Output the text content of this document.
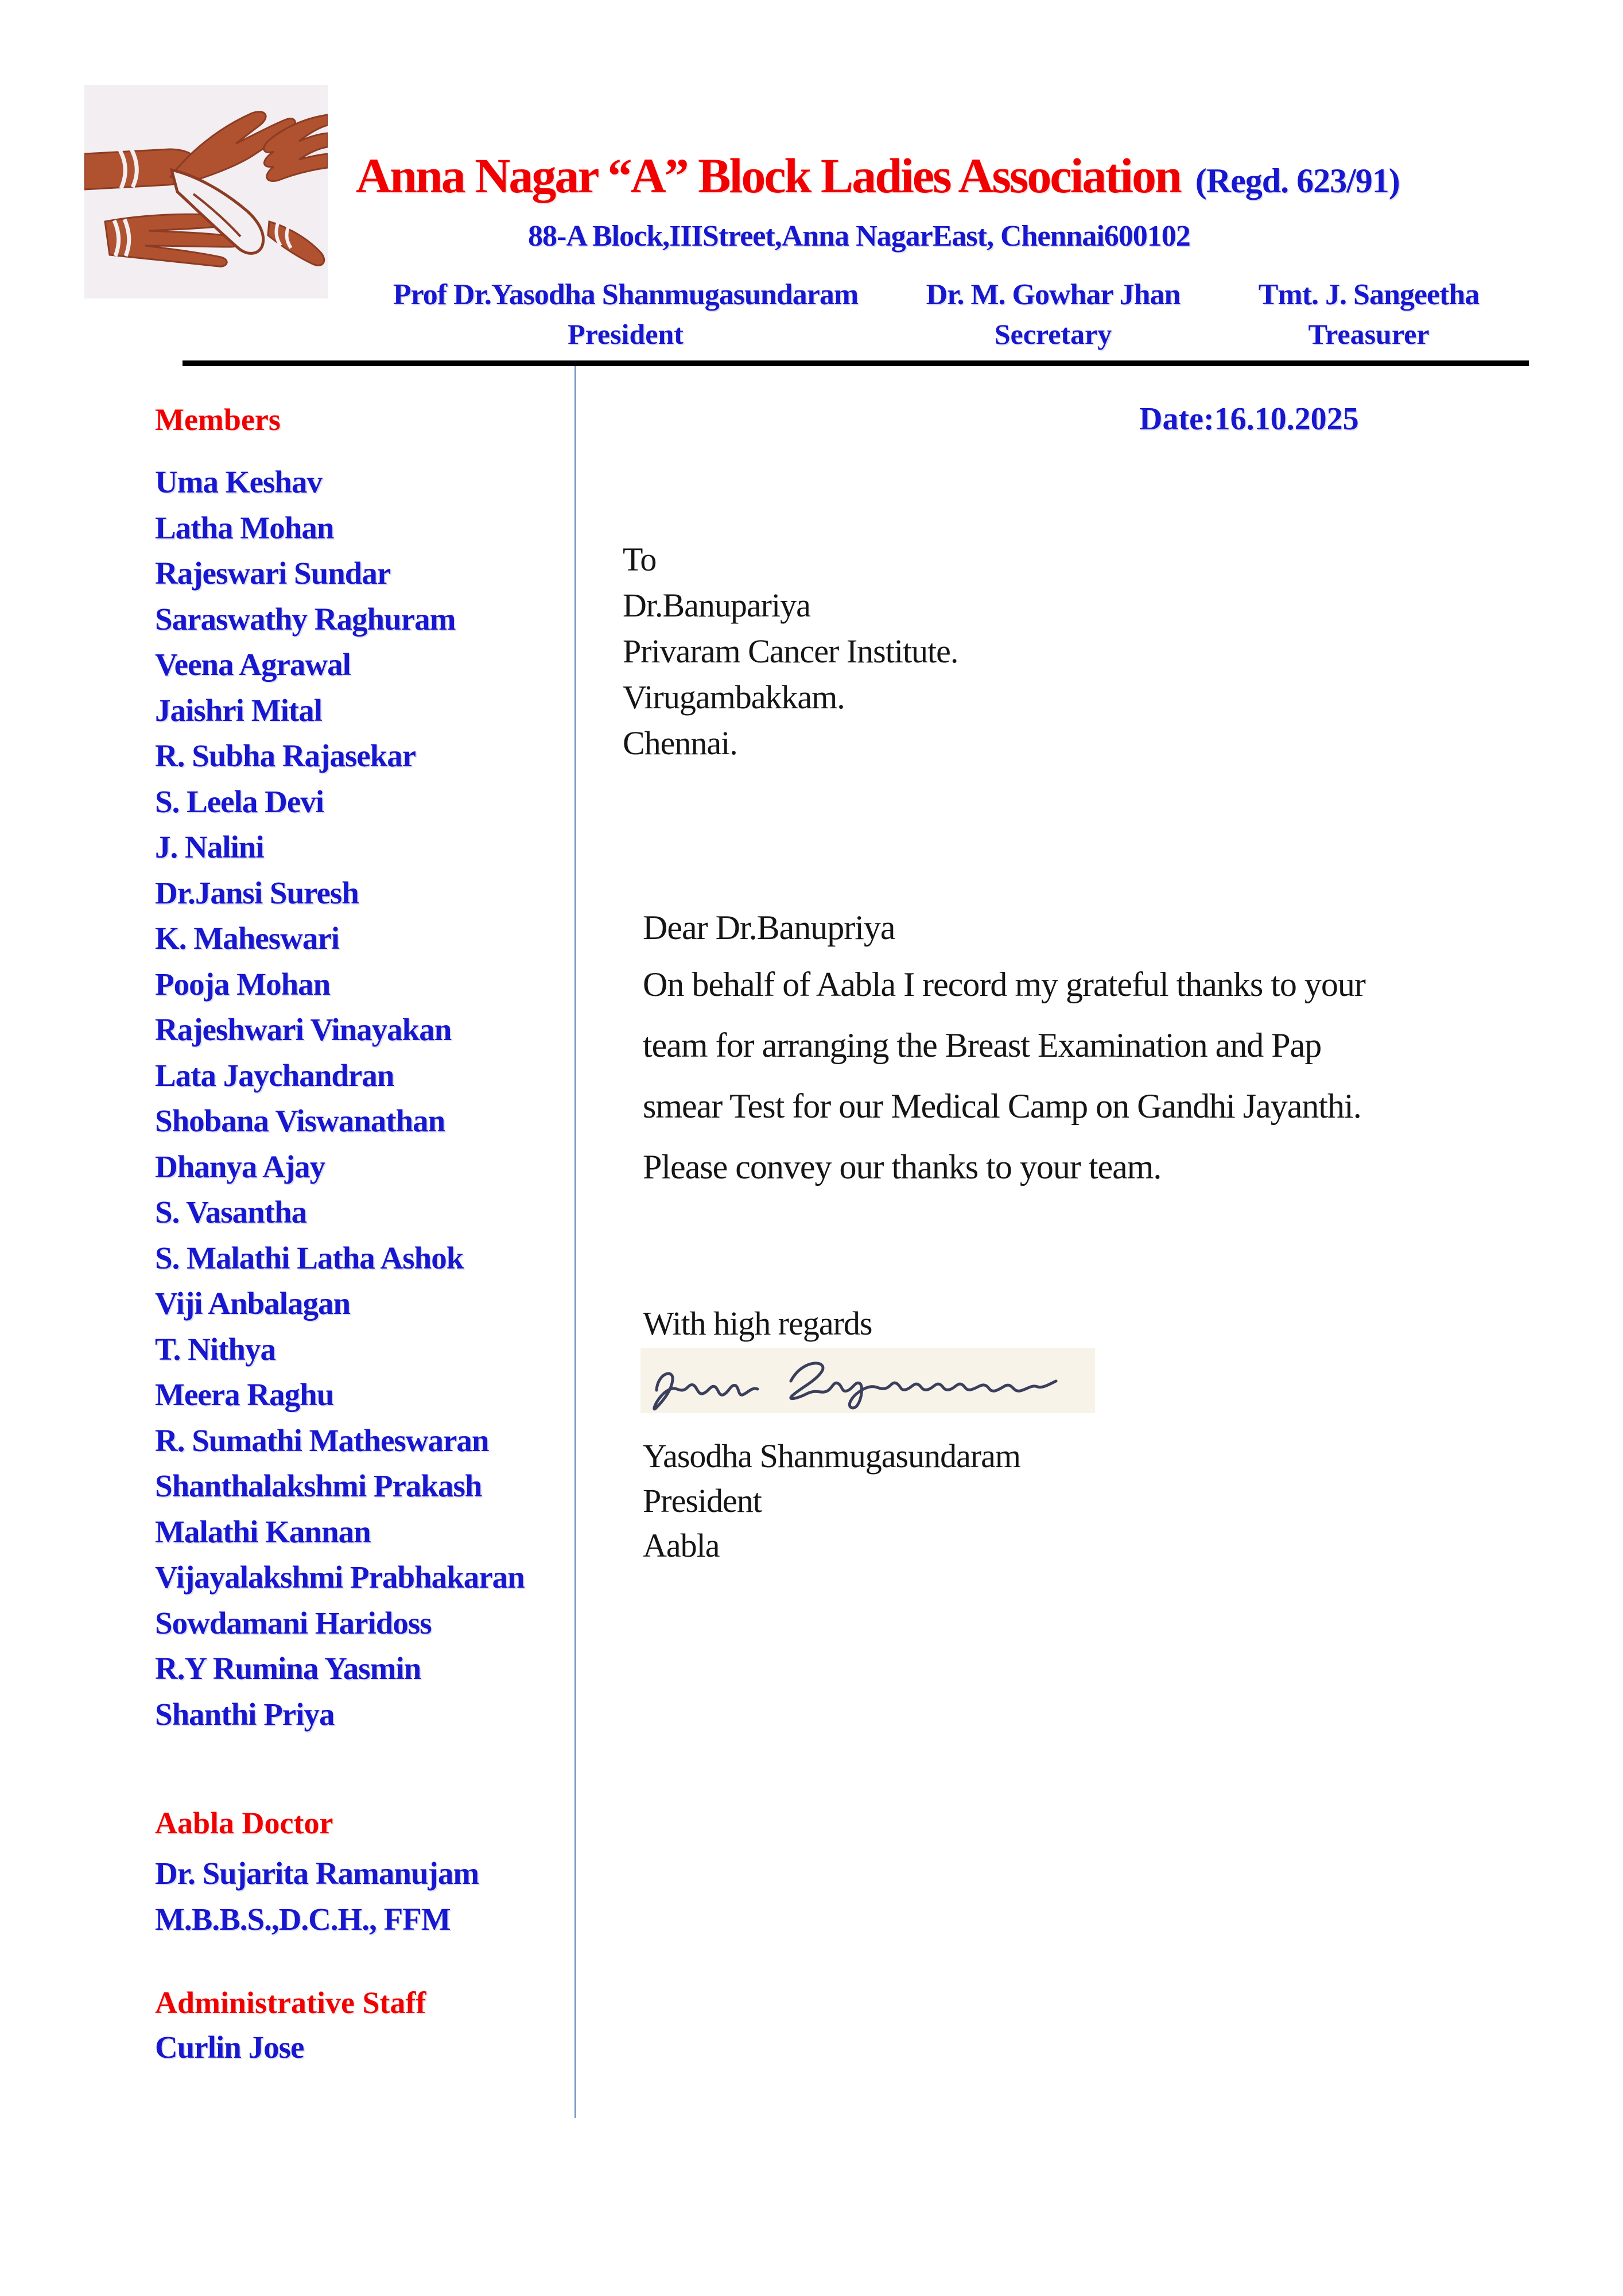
Anna Nagar “A” Block Ladies Association (Regd. 623/91)
88-A Block,IIIStreet,Anna NagarEast, Chennai600102
Prof Dr.Yasodha Shanmugasundaram
President
Dr. M. Gowhar Jhan
Secretary
Tmt. J. Sangeetha
Treasurer
Members
Uma Keshav
Latha Mohan
Rajeswari Sundar
Saraswathy Raghuram
Veena Agrawal
Jaishri Mital
R. Subha Rajasekar
S. Leela Devi
J. Nalini
Dr.Jansi Suresh
K. Maheswari
Pooja Mohan
Rajeshwari Vinayakan
Lata Jaychandran
Shobana Viswanathan
Dhanya Ajay
S. Vasantha
S. Malathi Latha Ashok
Viji Anbalagan
T. Nithya
Meera Raghu
R. Sumathi Matheswaran
Shanthalakshmi Prakash
Malathi Kannan
Vijayalakshmi Prabhakaran
Sowdamani Haridoss
R.Y Rumina Yasmin
Shanthi Priya
Aabla Doctor
Dr. Sujarita Ramanujam
M.B.B.S.,D.C.H., FFM
Administrative Staff
Curlin Jose
Date:16.10.2025
To
Dr.Banupariya
Privaram Cancer Institute.
Virugambakkam.
Chennai.
Dear Dr.Banupriya
On behalf of Aabla I record my grateful thanks to your
team for arranging the Breast Examination and Pap
smear Test for our Medical Camp on Gandhi Jayanthi.
Please convey our thanks to your team.
With high regards
Yasodha Shanmugasundaram
President
Aabla
